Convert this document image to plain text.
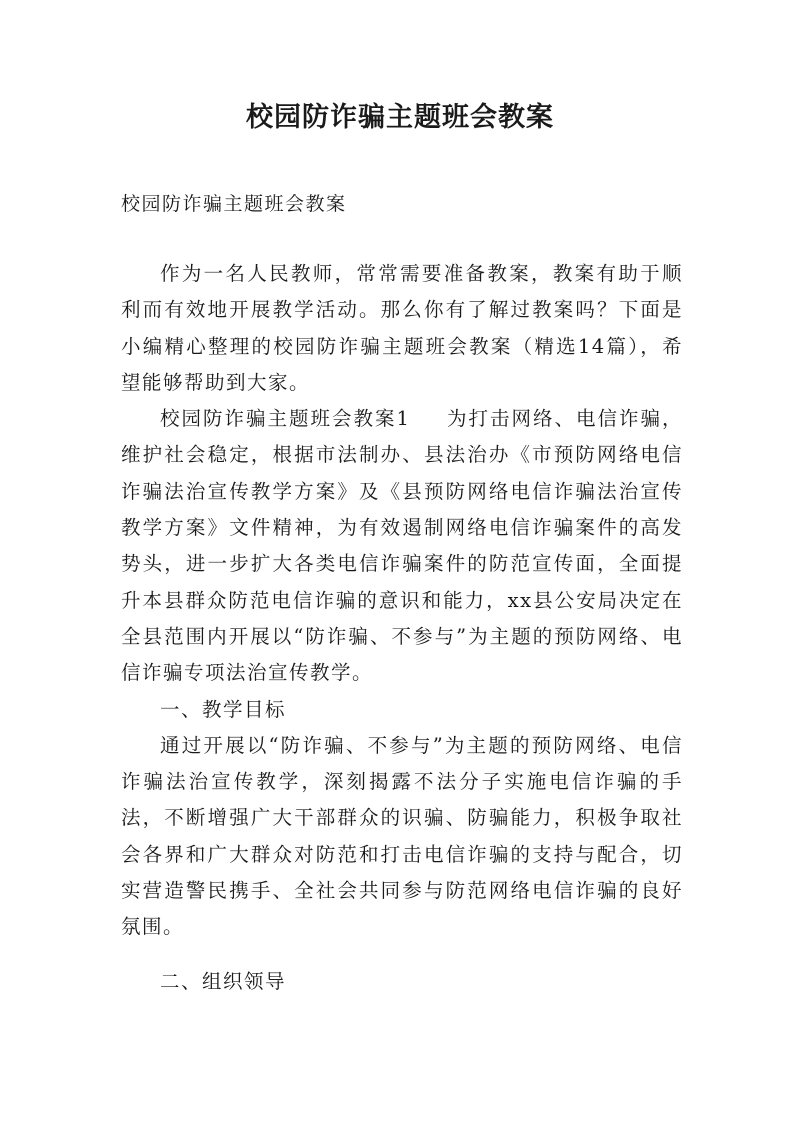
校园防诈骗主题班会教案
校园防诈骗主题班会教案

作为一名人民教师，常常需要准备教案，教案有助于顺利而有效地开展教学活动。那么你有了解过教案吗？下面是小编精心整理的校园防诈骗主题班会教案（精选14篇），希望能够帮助到大家。

校园防诈骗主题班会教案1 为打击网络、电信诈骗，维护社会稳定，根据市法制办、县法治办《市预防网络电信诈骗法治宣传教学方案》及《县预防网络电信诈骗法治宣传教学方案》文件精神，为有效遏制网络电信诈骗案件的高发势头，进一步扩大各类电信诈骗案件的防范宣传面，全面提升本县群众防范电信诈骗的意识和能力，xx县公安局决定在全县范围内开展以“防诈骗、不参与”为主题的预防网络、电信诈骗专项法治宣传教学。

一、教学目标

通过开展以“防诈骗、不参与”为主题的预防网络、电信诈骗法治宣传教学，深刻揭露不法分子实施电信诈骗的手法，不断增强广大干部群众的识骗、防骗能力，积极争取社会各界和广大群众对防范和打击电信诈骗的支持与配合，切实营造警民携手、全社会共同参与防范网络电信诈骗的良好氛围。

二、组织领导
